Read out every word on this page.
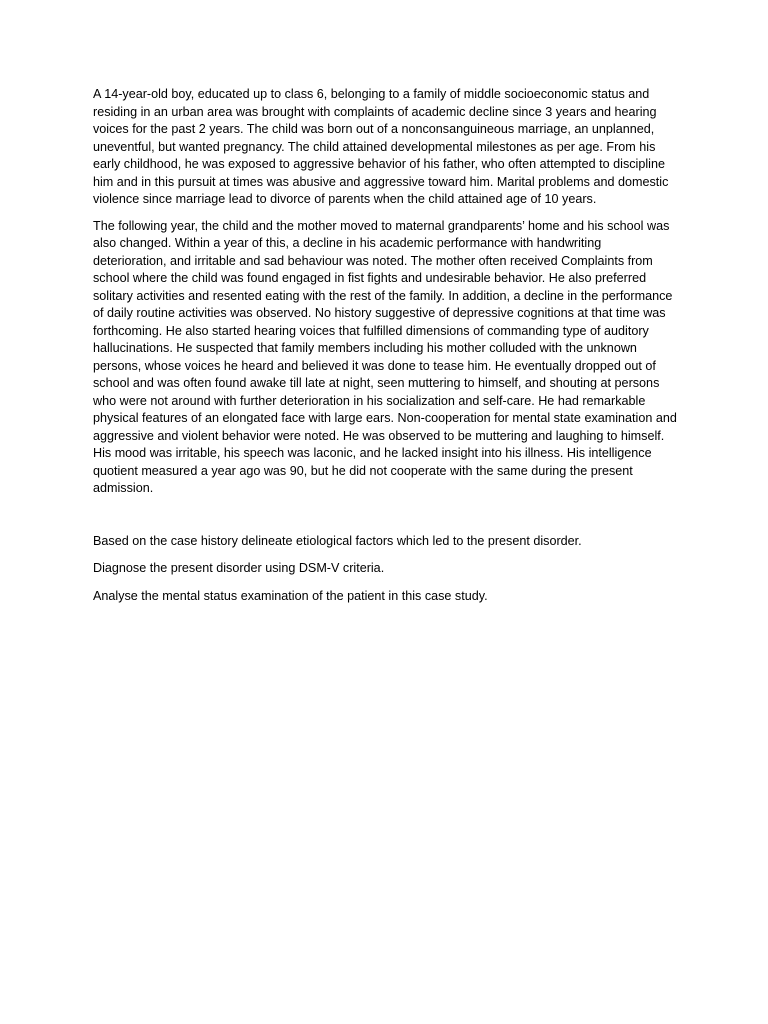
A 14-year-old boy, educated up to class 6, belonging to a family of middle socioeconomic status and residing in an urban area was brought with complaints of academic decline since 3 years and hearing voices for the past 2 years. The child was born out of a nonconsanguineous marriage, an unplanned, uneventful, but wanted pregnancy. The child attained developmental milestones as per age. From his early childhood, he was exposed to aggressive behavior of his father, who often attempted to discipline him and in this pursuit at times was abusive and aggressive toward him. Marital problems and domestic violence since marriage lead to divorce of parents when the child attained age of 10 years.

The following year, the child and the mother moved to maternal grandparents’ home and his school was also changed. Within a year of this, a decline in his academic performance with handwriting deterioration, and irritable and sad behaviour was noted. The mother often received Complaints from school where the child was found engaged in fist fights and undesirable behavior. He also preferred solitary activities and resented eating with the rest of the family. In addition, a decline in the performance of daily routine activities was observed. No history suggestive of depressive cognitions at that time was forthcoming. He also started hearing voices that fulfilled dimensions of commanding type of auditory hallucinations. He suspected that family members including his mother colluded with the unknown persons, whose voices he heard and believed it was done to tease him. He eventually dropped out of school and was often found awake till late at night, seen muttering to himself, and shouting at persons who were not around with further deterioration in his socialization and self-care. He had remarkable physical features of an elongated face with large ears. Non-cooperation for mental state examination and aggressive and violent behavior were noted. He was observed to be muttering and laughing to himself. His mood was irritable, his speech was laconic, and he lacked insight into his illness. His intelligence quotient measured a year ago was 90, but he did not cooperate with the same during the present admission.

Based on the case history delineate etiological factors which led to the present disorder.

Diagnose the present disorder using DSM-V criteria.

Analyse the mental status examination of the patient in this case study.
